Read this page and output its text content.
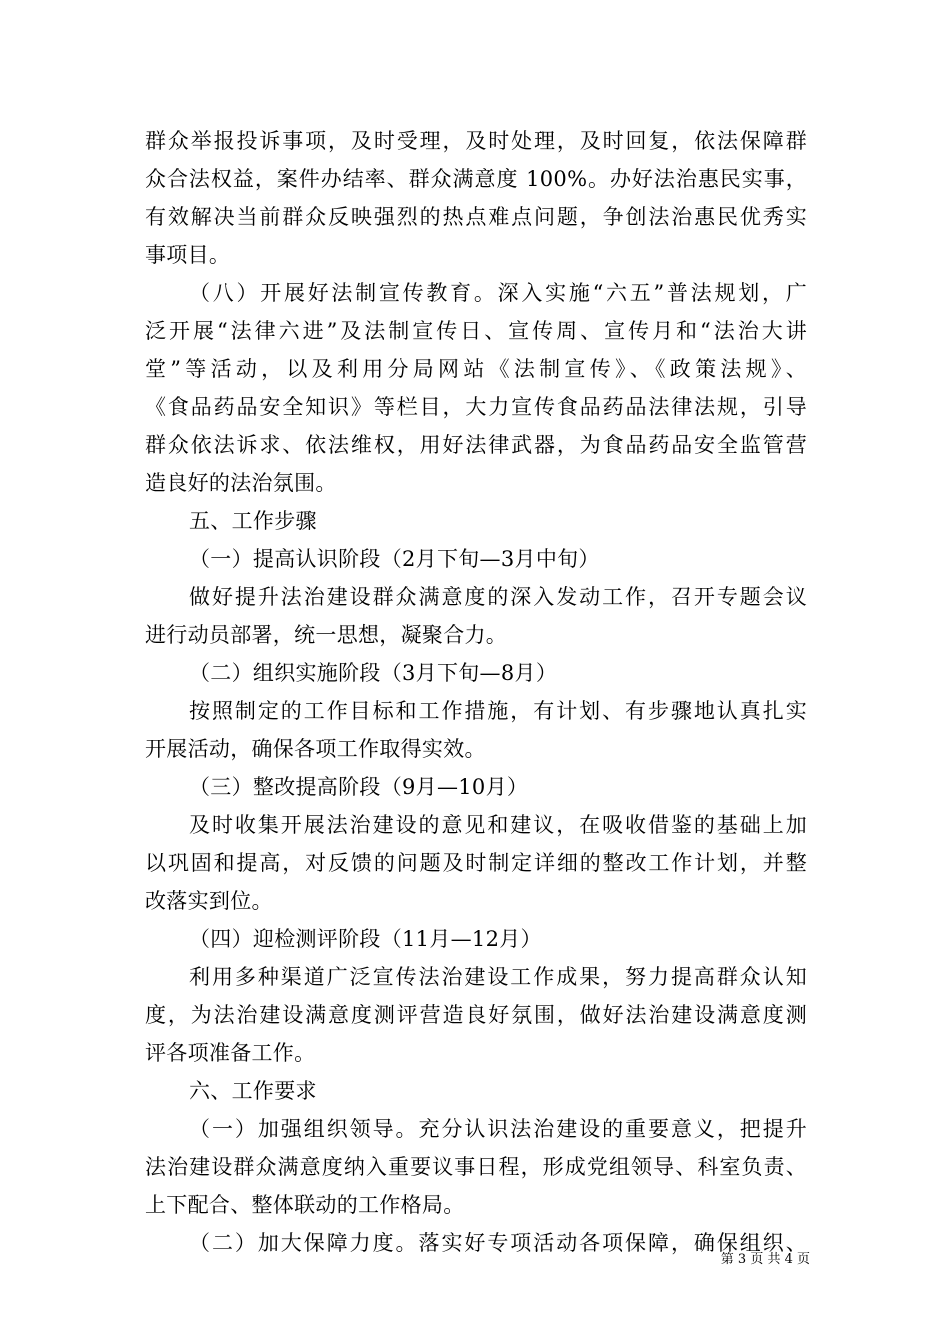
群众举报投诉事项，及时受理，及时处理，及时回复，依法保障群
众合法权益，案件办结率、群众满意度 100%。办好法治惠民实事，
有效解决当前群众反映强烈的热点难点问题，争创法治惠民优秀实
事项目。
（八）开展好法制宣传教育。深入实施“六五”普法规划，广
泛开展“法律六进”及法制宣传日、宣传周、宣传月和“法治大讲
堂”等活动，以及利用分局网站《法制宣传》、《政策法规》、
《食品药品安全知识》等栏目，大力宣传食品药品法律法规，引导
群众依法诉求、依法维权，用好法律武器，为食品药品安全监管营
造良好的法治氛围。
五、工作步骤
（一）提高认识阶段（2月下旬—3月中旬）
做好提升法治建设群众满意度的深入发动工作，召开专题会议
进行动员部署，统一思想，凝聚合力。
（二）组织实施阶段（3月下旬—8月）
按照制定的工作目标和工作措施，有计划、有步骤地认真扎实
开展活动，确保各项工作取得实效。
（三）整改提高阶段（9月—10月）
及时收集开展法治建设的意见和建议，在吸收借鉴的基础上加
以巩固和提高，对反馈的问题及时制定详细的整改工作计划，并整
改落实到位。
（四）迎检测评阶段（11月—12月）
利用多种渠道广泛宣传法治建设工作成果，努力提高群众认知
度，为法治建设满意度测评营造良好氛围，做好法治建设满意度测
评各项准备工作。
六、工作要求
（一）加强组织领导。充分认识法治建设的重要意义，把提升
法治建设群众满意度纳入重要议事日程，形成党组领导、科室负责、
上下配合、整体联动的工作格局。
（二）加大保障力度。落实好专项活动各项保障，确保组织、
第 3 页 共 4 页
